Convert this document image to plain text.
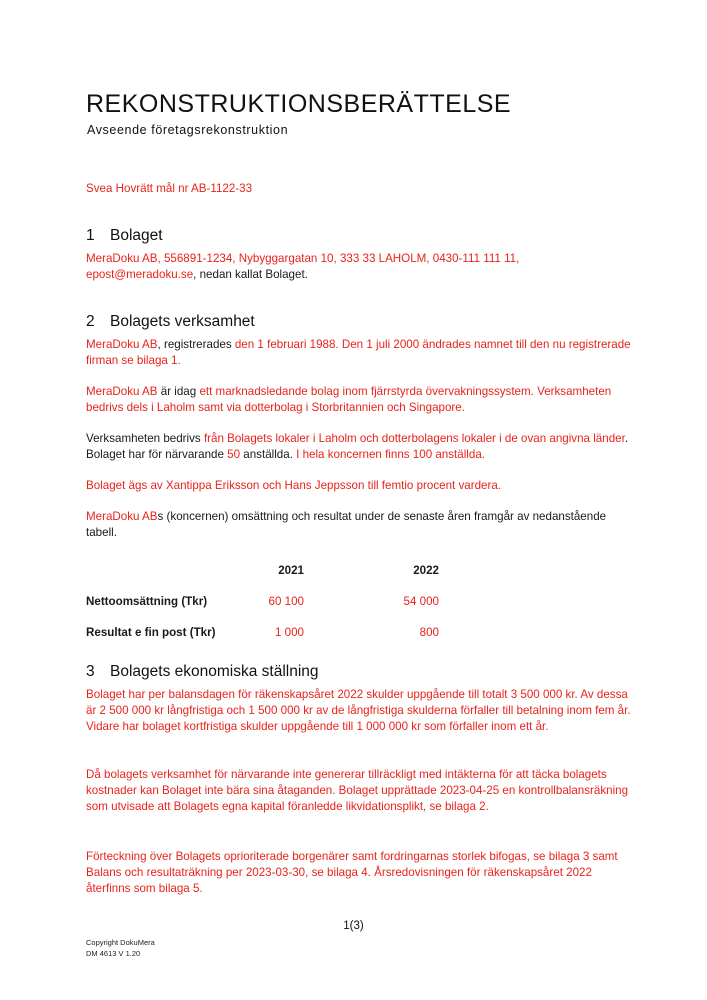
REKONSTRUKTIONSBERÄTTELSE
Avseende företagsrekonstruktion
Svea Hovrätt mål nr AB-1122-33
1 Bolaget
MeraDoku AB, 556891-1234, Nybyggargatan 10, 333 33 LAHOLM, 0430-111 111 11,
epost@meradoku.se, nedan kallat Bolaget.
2 Bolagets verksamhet
MeraDoku AB, registrerades den 1 februari 1988. Den 1 juli 2000 ändrades namnet till den nu registrerade firman se bilaga 1.
MeraDoku AB är idag ett marknadsledande bolag inom fjärrstyrda övervakningssystem. Verksamheten bedrivs dels i Laholm samt via dotterbolag i Storbritannien och Singapore.
Verksamheten bedrivs från Bolagets lokaler i Laholm och dotterbolagens lokaler i de ovan angivna länder. Bolaget har för närvarande 50 anställda. I hela koncernen finns 100 anställda.
Bolaget ägs av Xantippa Eriksson och Hans Jeppsson till femtio procent vardera.
MeraDoku ABs (koncernen) omsättning och resultat under de senaste åren framgår av nedanstående tabell.
	2021	2022
Nettoomsättning (Tkr)	60 100	54 000
Resultat e fin post (Tkr)	1 000	800
3 Bolagets ekonomiska ställning
Bolaget har per balansdagen för räkenskapsåret 2022 skulder uppgående till totalt 3 500 000 kr. Av dessa är 2 500 000 kr långfristiga och 1 500 000 kr av de långfristiga skulderna förfaller till betalning inom fem år. Vidare har bolaget kortfristiga skulder uppgående till 1 000 000 kr som förfaller inom ett år.
Då bolagets verksamhet för närvarande inte genererar tillräckligt med intäkterna för att täcka bolagets kostnader kan Bolaget inte bära sina åtaganden. Bolaget upprättade 2023-04-25 en kontrollbalansräkning som utvisade att Bolagets egna kapital föranledde likvidationsplikt, se bilaga 2.
Förteckning över Bolagets oprioriterade borgenärer samt fordringarnas storlek bifogas, se bilaga 3 samt Balans och resultaträkning per 2023-03-30, se bilaga 4. Årsredovisningen för räkenskapsåret 2022 återfinns som bilaga 5.
1(3)
Copyright DokuMera
DM 4613 V 1.20
